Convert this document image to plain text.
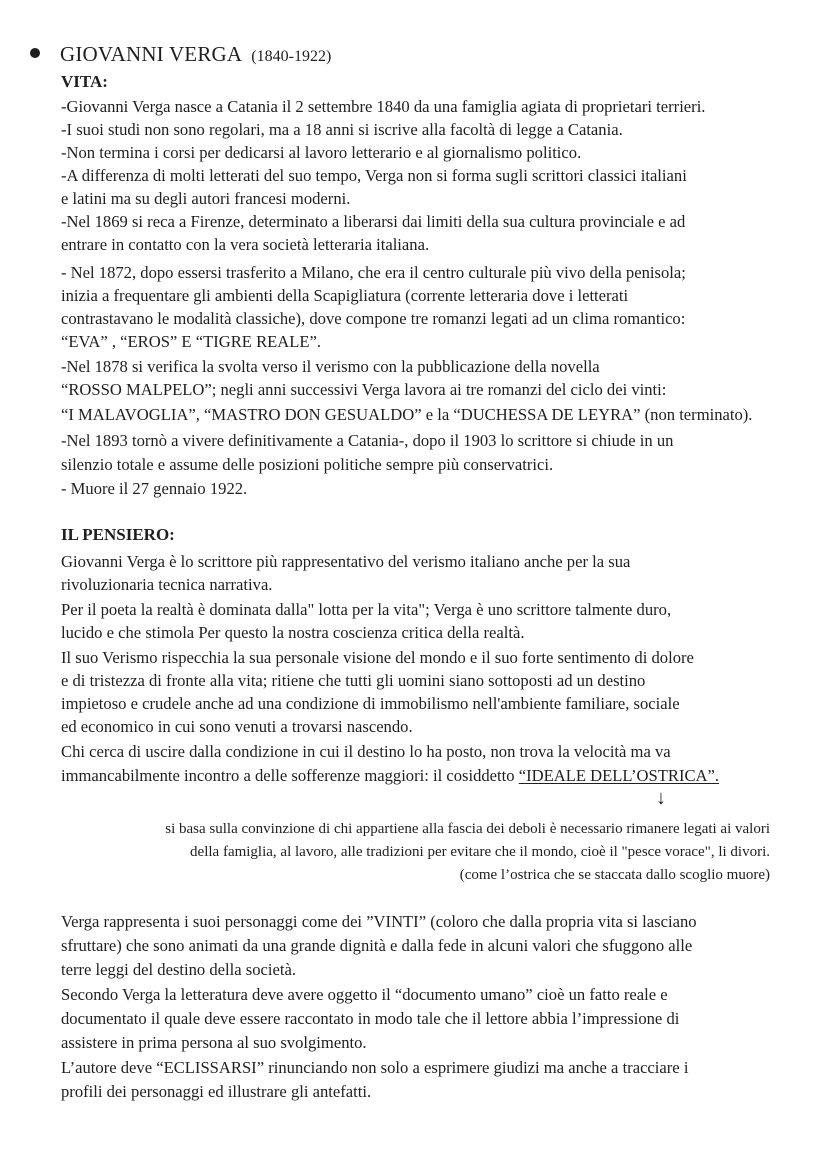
GIOVANNI VERGA (1840-1922)
VITA:
-Giovanni Verga nasce a Catania il 2 settembre 1840 da una famiglia agiata di proprietari terrieri.
-I suoi studi non sono regolari, ma a 18 anni si iscrive alla facoltà di legge a Catania.
-Non termina i corsi per dedicarsi al lavoro letterario e al giornalismo politico.
-A differenza di molti letterati del suo tempo, Verga non si forma sugli scrittori classici italiani
e latini ma su degli autori francesi moderni.
-Nel 1869 si reca a Firenze, determinato a liberarsi dai limiti della sua cultura provinciale e ad
entrare in contatto con la vera società letteraria italiana.
- Nel 1872, dopo essersi trasferito a Milano, che era il centro culturale più vivo della penisola;
inizia a frequentare gli ambienti della Scapigliatura (corrente letteraria dove i letterati
contrastavano le modalità classiche), dove compone tre romanzi legati ad un clima romantico:
“EVA” , “EROS” E “TIGRE REALE”.
-Nel 1878 si verifica la svolta verso il verismo con la pubblicazione della novella
“ROSSO MALPELO”; negli anni successivi Verga lavora ai tre romanzi del ciclo dei vinti:
“I MALAVOGLIA”, “MASTRO DON GESUALDO” e la “DUCHESSA DE LEYRA” (non terminato).
-Nel 1893 tornò a vivere definitivamente a Catania-, dopo il 1903 lo scrittore si chiude in un
silenzio totale e assume delle posizioni politiche sempre più conservatrici.
- Muore il 27 gennaio 1922.
IL PENSIERO:
Giovanni Verga è lo scrittore più rappresentativo del verismo italiano anche per la sua
rivoluzionaria tecnica narrativa.
Per il poeta la realtà è dominata dalla" lotta per la vita"; Verga è uno scrittore talmente duro,
lucido e che stimola Per questo la nostra coscienza critica della realtà.
Il suo Verismo rispecchia la sua personale visione del mondo e il suo forte sentimento di dolore
e di tristezza di fronte alla vita; ritiene che tutti gli uomini siano sottoposti ad un destino
impietoso e crudele anche ad una condizione di immobilismo nell'ambiente familiare, sociale
ed economico in cui sono venuti a trovarsi nascendo.
Chi cerca di uscire dalla condizione in cui il destino lo ha posto, non trova la velocità ma va
immancabilmente incontro a delle sofferenze maggiori: il cosiddetto “IDEALE DELL’OSTRICA”.
↓
si basa sulla convinzione di chi appartiene alla fascia dei deboli è necessario rimanere legati ai valori
della famiglia, al lavoro, alle tradizioni per evitare che il mondo, cioè il "pesce vorace", li divori.
(come l’ostrica che se staccata dallo scoglio muore)
Verga rappresenta i suoi personaggi come dei ”VINTI” (coloro che dalla propria vita si lasciano
sfruttare) che sono animati da una grande dignità e dalla fede in alcuni valori che sfuggono alle
terre leggi del destino della società.
Secondo Verga la letteratura deve avere oggetto il “documento umano” cioè un fatto reale e
documentato il quale deve essere raccontato in modo tale che il lettore abbia l’impressione di
assistere in prima persona al suo svolgimento.
L’autore deve “ECLISSARSI” rinunciando non solo a esprimere giudizi ma anche a tracciare i
profili dei personaggi ed illustrare gli antefatti.
